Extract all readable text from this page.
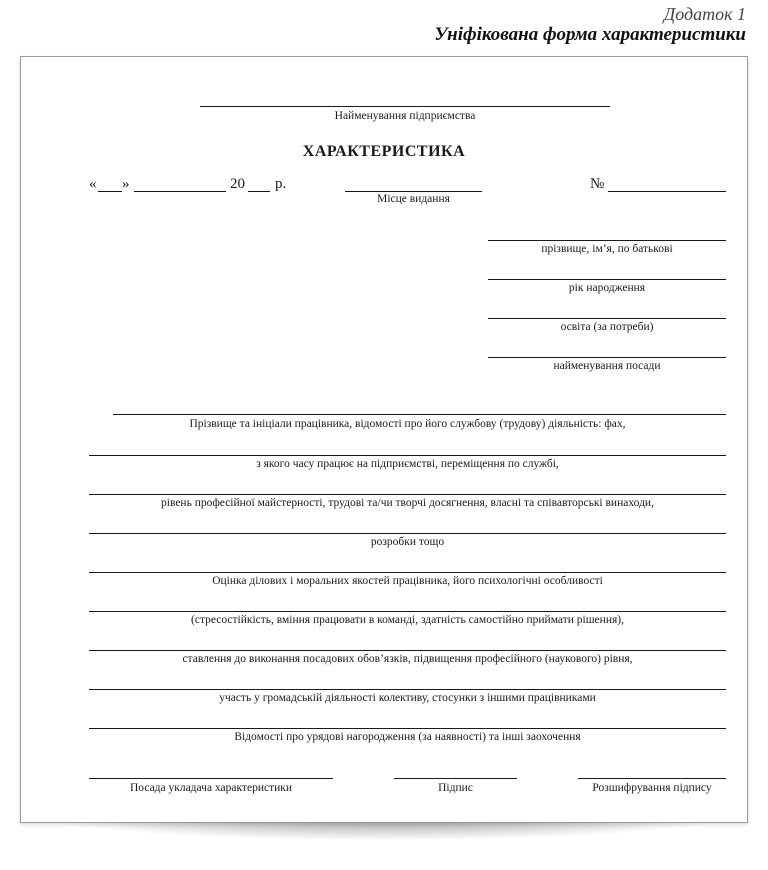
Додаток 1
Уніфікована форма характеристики
Найменування підприємства
ХАРАКТЕРИСТИКА
« »	20 р.
Місце видання
№
прізвище, ім’я, по батькові
рік народження
освіта (за потреби)
найменування посади
Прізвище та ініціали працівника, відомості про його службову (трудову) діяльність: фах,
з якого часу працює на підприємстві, переміщення по службі,
рівень професійної майстерності, трудові та/чи творчі досягнення, власні та співавторські винаходи,
розробки тощо
Оцінка ділових і моральних якостей працівника, його психологічні особливості
(стресостійкість, вміння працювати в команді, здатність самостійно приймати рішення),
ставлення до виконання посадових обов’язків, підвищення професійного (наукового) рівня,
участь у громадській діяльності колективу, стосунки з іншими працівниками
Відомості про урядові нагородження (за наявності) та інші заохочення
Посада укладача характеристики	Підпис	Розшифрування підпису
